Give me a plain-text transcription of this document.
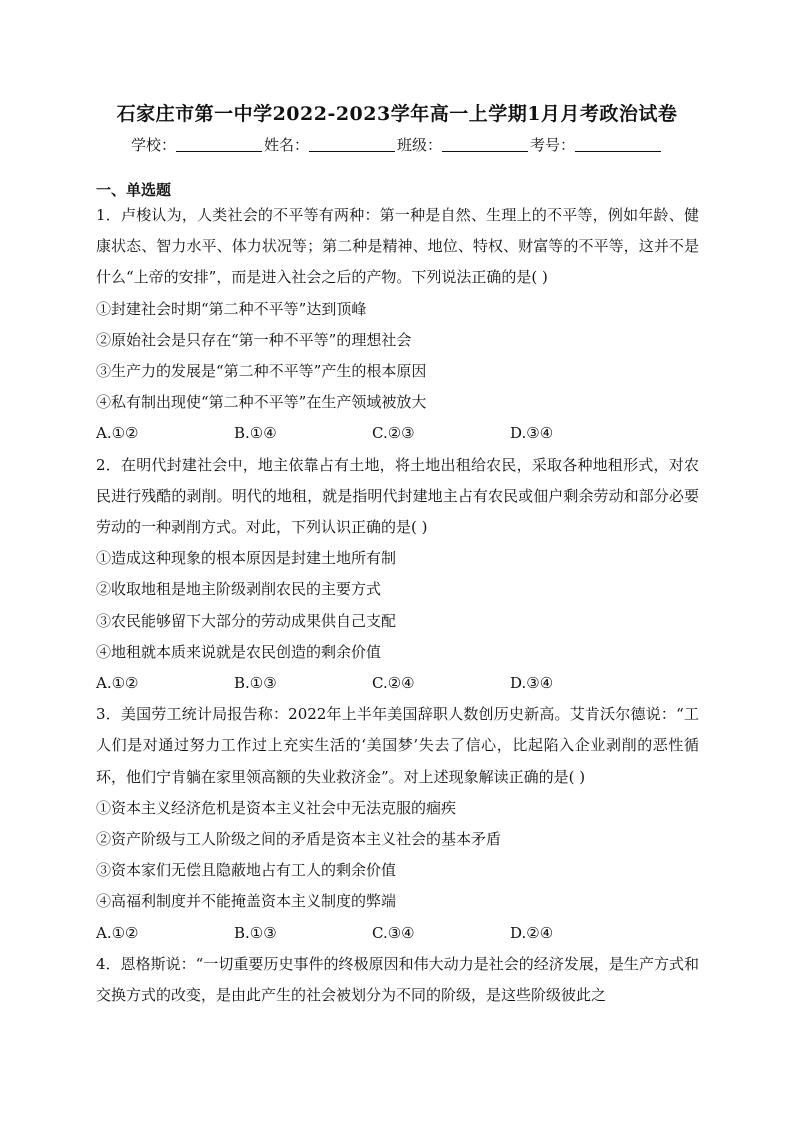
石家庄市第一中学2022-2023学年高一上学期1月月考政治试卷
学校：	姓名：	班级：	考号：
一、单选题

1．卢梭认为，人类社会的不平等有两种：第一种是自然、生理上的不平等，例如年龄、健康状态、智力水平、体力状况等；第二种是精神、地位、特权、财富等的不平等，这并不是什么“上帝的安排”，而是进入社会之后的产物。下列说法正确的是( )

①封建社会时期“第二种不平等”达到顶峰

②原始社会是只存在“第一种不平等”的理想社会

③生产力的发展是“第二种不平等”产生的根本原因

④私有制出现使“第二种不平等”在生产领域被放大

A.①②	B.①④	C.②③	D.③④

2．在明代封建社会中，地主依靠占有土地，将土地出租给农民，采取各种地租形式，对农民进行残酷的剥削。明代的地租，就是指明代封建地主占有农民或佃户剩余劳动和部分必要劳动的一种剥削方式。对此，下列认识正确的是( )

①造成这种现象的根本原因是封建土地所有制

②收取地租是地主阶级剥削农民的主要方式

③农民能够留下大部分的劳动成果供自己支配

④地租就本质来说就是农民创造的剩余价值

A.①②	B.①③	C.②④	D.③④

3．美国劳工统计局报告称：2022年上半年美国辞职人数创历史新高。艾肯沃尔德说：“工人们是对通过努力工作过上充实生活的‘美国梦’失去了信心，比起陷入企业剥削的恶性循环，他们宁肯躺在家里领高额的失业救济金”。对上述现象解读正确的是( )

①资本主义经济危机是资本主义社会中无法克服的痼疾

②资产阶级与工人阶级之间的矛盾是资本主义社会的基本矛盾

③资本家们无偿且隐蔽地占有工人的剩余价值

④高福利制度并不能掩盖资本主义制度的弊端

A.①②	B.①③	C.③④	D.②④

4．恩格斯说：“一切重要历史事件的终极原因和伟大动力是社会的经济发展，是生产方式和交换方式的改变，是由此产生的社会被划分为不同的阶级，是这些阶级彼此之
